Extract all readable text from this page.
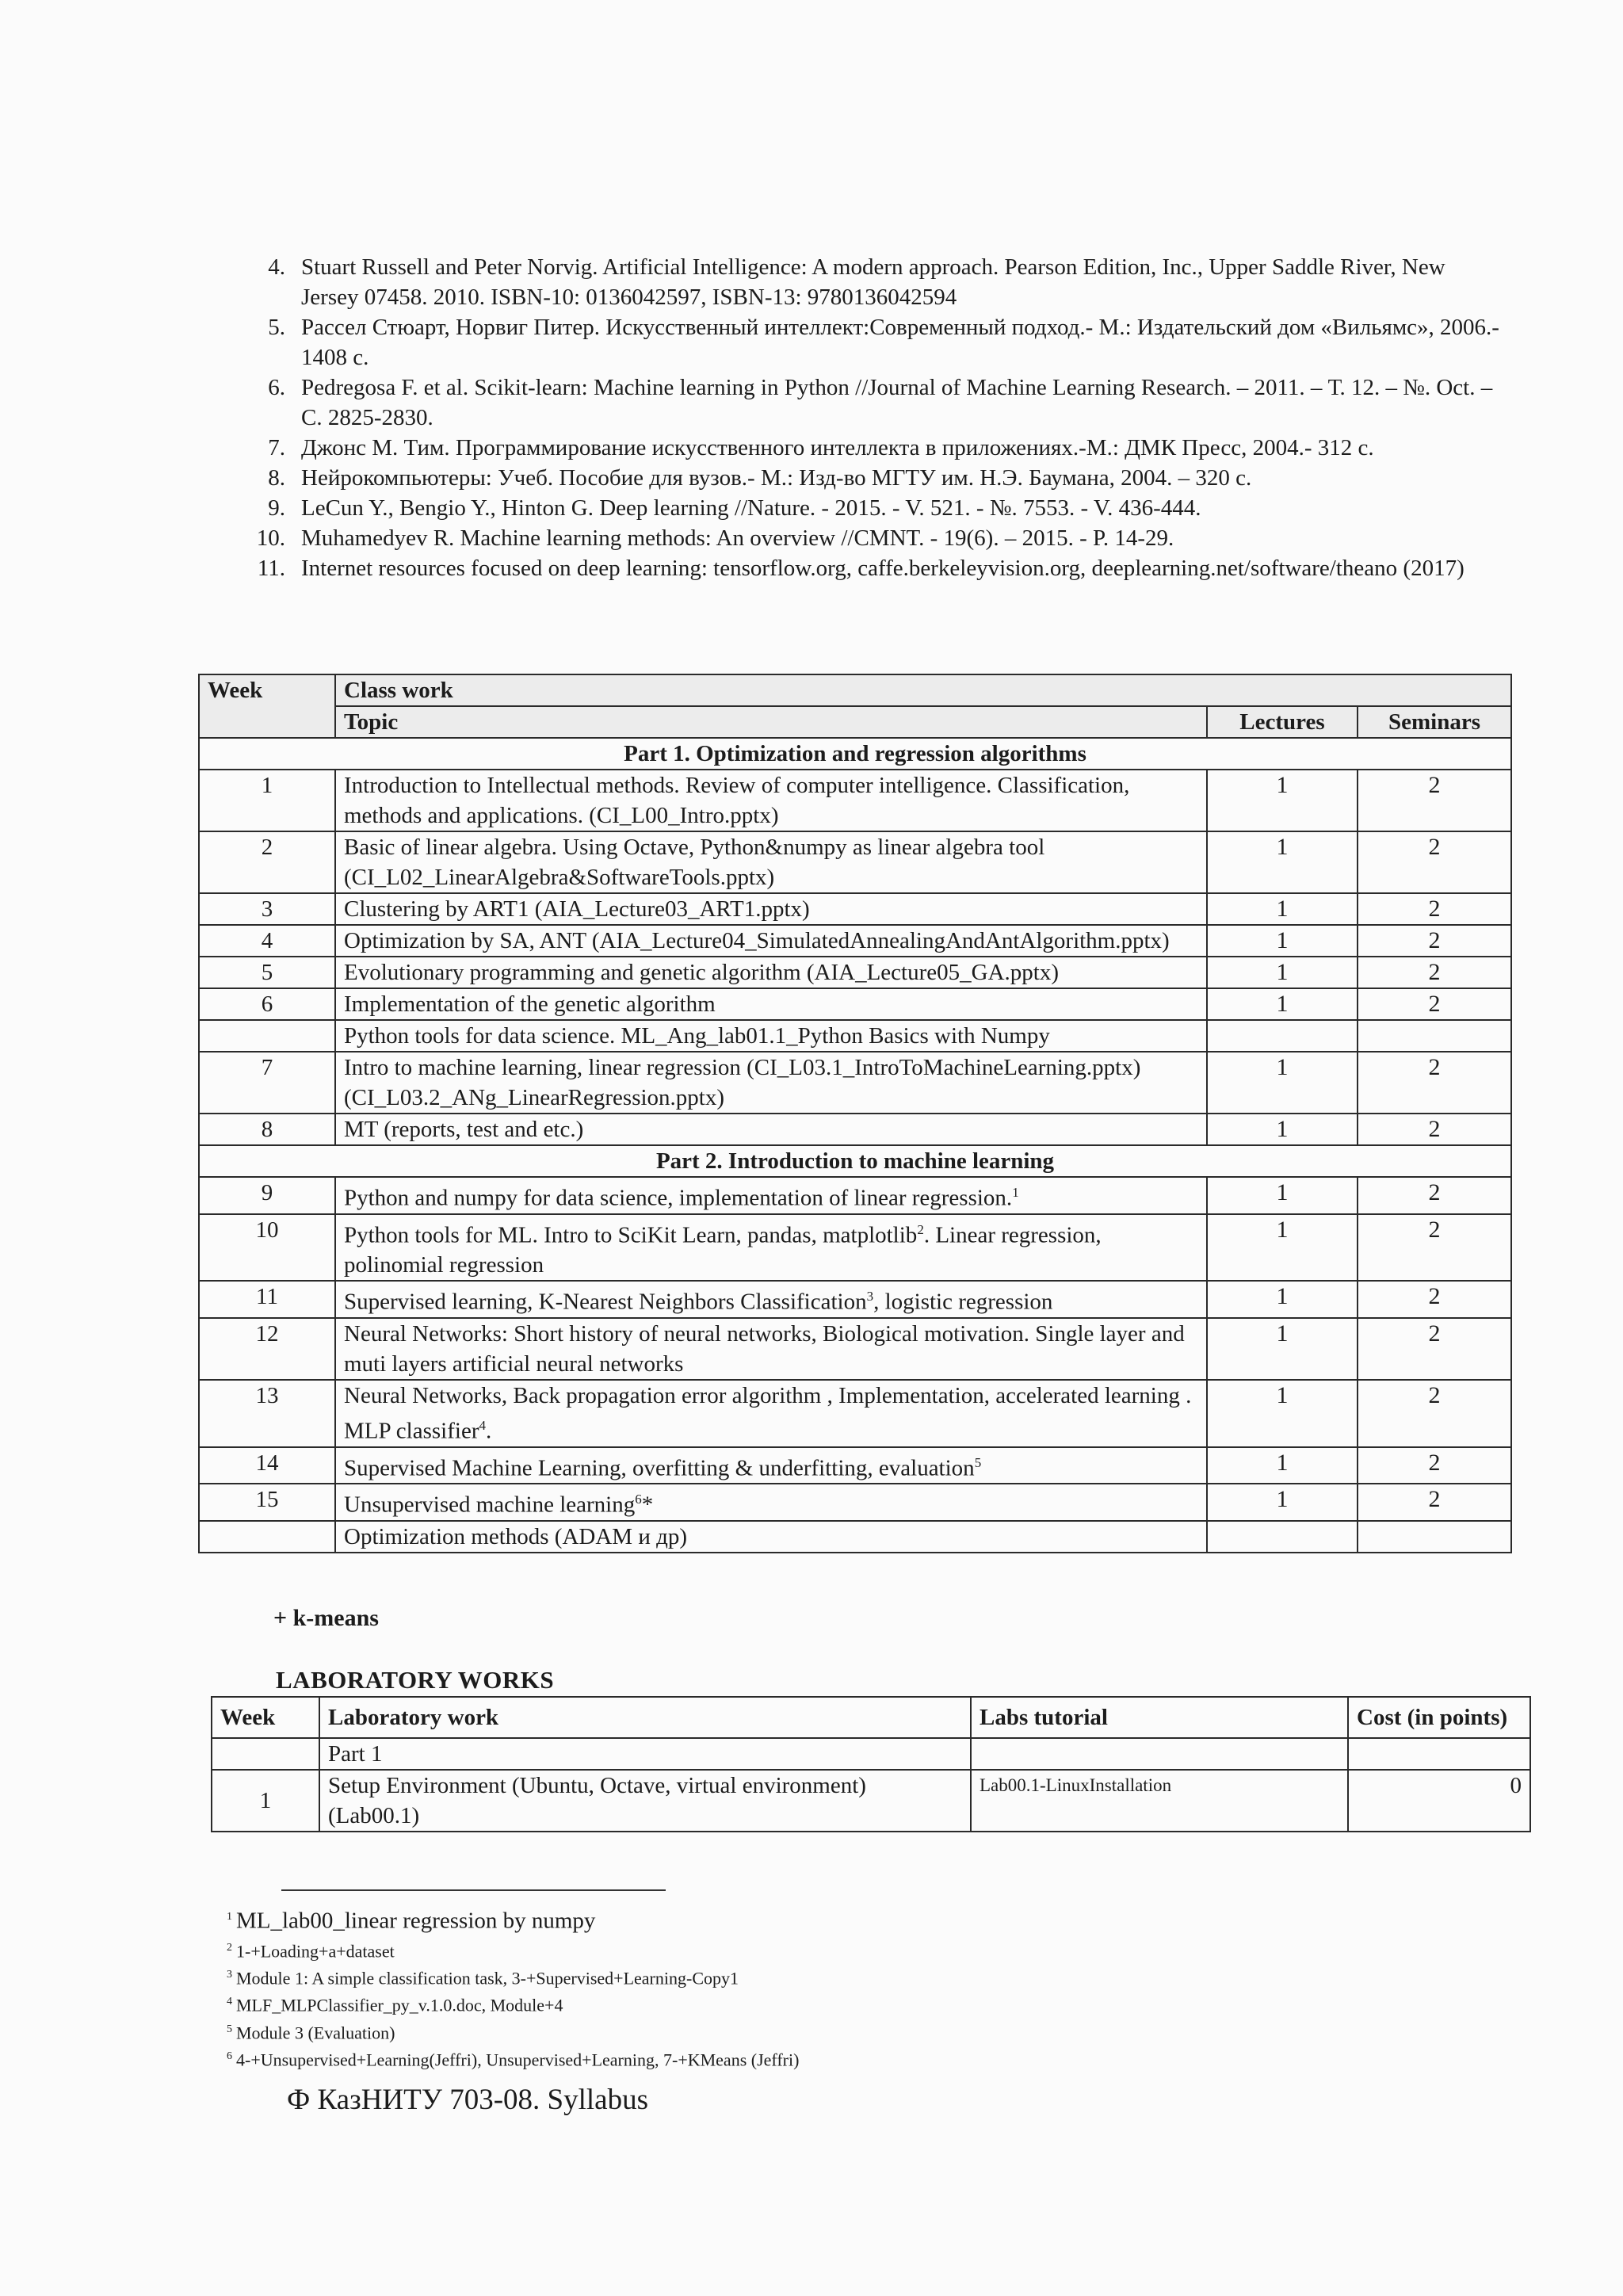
4. Stuart Russell and Peter Norvig. Artificial Intelligence: A modern approach. Pearson Edition, Inc., Upper Saddle River, New Jersey 07458. 2010. ISBN-10: 0136042597, ISBN-13: 9780136042594
5. Рассел Стюарт, Норвиг Питер. Искусственный интеллект:Современный подход.- М.: Издательский дом «Вильямс», 2006.- 1408 с.
6. Pedregosa F. et al. Scikit-learn: Machine learning in Python //Journal of Machine Learning Research. – 2011. – Т. 12. – №. Oct. – С. 2825-2830.
7. Джонс М. Тим. Программирование искусственного интеллекта в приложениях.-М.: ДМК Пресс, 2004.- 312 с.
8. Нейрокомпьютеры: Учеб. Пособие для вузов.- М.: Изд-во МГТУ им. Н.Э. Баумана, 2004. – 320 с.
9. LeCun Y., Bengio Y., Hinton G. Deep learning //Nature. - 2015. - V. 521. - №. 7553. - V. 436-444.
10. Muhamedyev R. Machine learning methods: An overview //CMNT. - 19(6). – 2015. - P. 14-29.
11. Internet resources focused on deep learning: tensorflow.org, caffe.berkeleyvision.org, deeplearning.net/software/theano (2017)
Week	Class work		
	Topic	Lectures	Seminars
Part 1. Optimization and regression algorithms			
1	Introduction to Intellectual methods. Review of computer intelligence. Classification, methods and applications. (CI_L00_Intro.pptx)	1	2
2	Basic of linear algebra. Using Octave, Python&numpy as linear algebra tool (CI_L02_LinearAlgebra&SoftwareTools.pptx)	1	2
3	Clustering by ART1 (AIA_Lecture03_ART1.pptx)	1	2
4	Optimization by SA, ANT (AIA_Lecture04_SimulatedAnnealingAndAntAlgorithm.pptx)	1	2
5	Evolutionary programming and genetic algorithm (AIA_Lecture05_GA.pptx)	1	2
6	Implementation of the genetic algorithm	1	2
	Python tools for data science. ML_Ang_lab01.1_Python Basics with Numpy		
7	Intro to machine learning, linear regression (CI_L03.1_IntroToMachineLearning.pptx) (CI_L03.2_ANg_LinearRegression.pptx)	1	2
8	MT (reports, test and etc.)	1	2
Part 2. Introduction to machine learning			
9	Python and numpy for data science, implementation of linear regression.$^1$	1	2
10	Python tools for ML. Intro to SciKit Learn, pandas, matplotlib$^2$. Linear regression, polinomial regression	1	2
11	Supervised learning, K-Nearest Neighbors Classification$^3$, logistic regression	1	2
12	Neural Networks: Short history of neural networks, Biological motivation. Single layer and muti layers artificial neural networks	1	2
13	Neural Networks, Back propagation error algorithm , Implementation, accelerated learning . MLP classifier$^4$.	1	2
14	Supervised Machine Learning, overfitting & underfitting, evaluation$^5$	1	2
15	Unsupervised machine learning$^6$*	1	2
	Optimization methods (ADAM и др)		
+ k-means
LABORATORY WORKS
Week	Laboratory work	Labs tutorial	Cost (in points)
	Part 1		
1	Setup Environment (Ubuntu, Octave, virtual environment) (Lab00.1)	Lab00.1-LinuxInstallation	0
$^1$ ML_lab00_linear regression by numpy
$^2$ 1-+Loading+a+dataset
$^3$ Module 1: A simple classification task, 3-+Supervised+Learning-Copy1
$^4$ MLF_MLPClassifier_py_v.1.0.doc, Module+4
$^5$ Module 3 (Evaluation)
$^6$ 4-+Unsupervised+Learning(Jeffri), Unsupervised+Learning, 7-+KMeans (Jeffri)
Ф КазНИТУ 703-08. Syllabus
